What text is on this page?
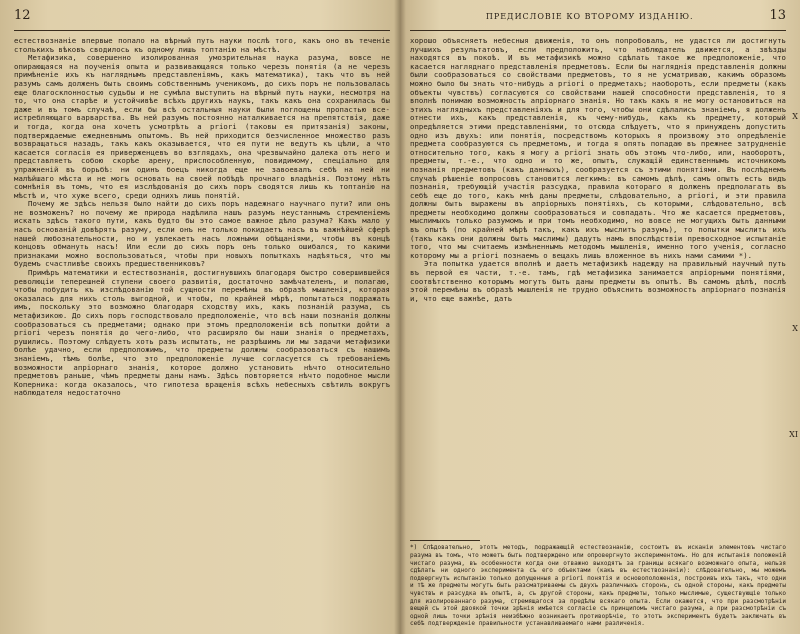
12

естествознаніе впервые попало на вѣрный путь науки послѣ того, какъ оно въ теченіе столькихъ вѣковъ сводилось къ одному лишь топтанію на мѣстѣ.

Метафизика, совершенно изолированная умозрительная наука разума, вовсе не опирающаяся на поученія опыта и развивающаяся только черезъ понятія (а не черезъ примѣненіе ихъ къ нагляднымъ представленіямъ, какъ математика), такъ что въ ней разумъ самъ долженъ быть своимъ собственнымъ ученикомъ, до сихъ поръ не пользовалась еще благосклонностью судьбы и не сумѣла выступить на вѣрный путь науки, несмотря на то, что она старѣе и устойчивѣе всѣхъ другихъ наукъ, такъ какъ она сохранилась бы даже и въ томъ случаѣ, если бы всѣ остальныя науки были поглощены пропастью все-истребляющаго варварства. Въ ней разумъ постоянно наталкивается на препятствія, даже и тогда, когда она хочетъ усмотрѣть a priori (таковы ея притязанія) законы, подтверждаемые ежедневнымъ опытомъ. Въ ней приходится безчисленное множество разъ возвращаться назадъ, такъ какъ оказывается, что ея пути не ведутъ къ цѣли, а что касается согласія ея приверженцевъ во взглядахъ, она чрезвычайно далека отъ него и представляетъ собою скорѣе арену, приспособленную, повидимому, спеціально для упражненій въ борьбѣ: ни одинъ боецъ никогда еще не завоевалъ себѣ на ней ни малѣйшаго мѣста и не могъ основать на своей побѣдѣ прочнаго владѣнія. Поэтому нѣтъ сомнѣнія въ томъ, что ея изслѣдованія до сихъ поръ сводятся лишь къ топтанію на мѣстѣ и, что хуже всего, среди однихъ лишь понятій.

Почему же здѣсь нельзя было найти до сихъ поръ надежнаго научнаго пути? или онъ не возможенъ? но почему же природа надѣлила нашъ разумъ неустаннымъ стремленіемъ искать здѣсь такого пути, какъ будто бы это самое важное дѣло разума? Какъ мало у насъ основаній довѣрять разуму, если онъ не только покидаетъ насъ въ важнѣйшей сферѣ нашей любознательности, но и увлекаетъ насъ ложными обѣщаніями, чтобы въ концѣ концовъ обмануть насъ! Или если до сихъ поръ онъ только ошибался, то какими признаками можно воспользоваться, чтобы при новыхъ попыткахъ надѣяться, что мы будемъ счастливѣе своихъ предшественниковъ?

Примѣръ математики и естествознанія, достигнувшихъ благодаря быстро совершившейся революціи теперешней ступени своего развитія, достаточно замѣчателенъ, и полагаю, чтобы побудить къ изслѣдованію той сущности перемѣны въ образѣ мышленія, которая оказалась для нихъ столь выгодной, и чтобы, по крайней мѣрѣ, попытаться подражать имъ, поскольку это возможно благодаря сходству ихъ, какъ познаній разума, съ метафизикою. До сихъ поръ господствовало предположеніе, что всѣ наши познанія должны сообразоваться съ предметами; однако при этомъ предположеніи всѣ попытки дойти a priori черезъ понятія до чего-либо, что расширяло бы наши знанія о предметахъ, рушились. Поэтому слѣдуетъ хоть разъ испытать, не разрѣшимъ ли мы задачи метафизики болѣе удачно, если предположимъ, что предметы должны сообразоваться съ нашимъ знаніемъ, тѣмъ болѣе, что это предположеніе лучше согласуется съ требованіемъ возможности апріорнаго знанія, которое должно установить нѣчтo относительно предметовъ раньше, чѣмъ предметы даны намъ. Здѣсь повторяется нѣчто подобное мысли Коперника: когда оказалось, что гипотеза вращенія всѣхъ небесныхъ свѣтилъ вокругъ наблюдателя недостаточно

ПРЕДИСЛОВІЕ КО ВТОРОМУ ИЗДАНІЮ.	13

хорошо объясняетъ небесныя движенія, то онъ попробовалъ, не удастся ли достигнуть лучшихъ результатовъ, если предположить, что наблюдатель движется, а звѣзды находятся въ покоѣ. И въ метафизикѣ можно сдѣлать такое же предположеніе, что касается нагляднаго представленія предметовъ. Если бы нагляднія представленія должны были сообразоваться со свойствами предметовъ, то я не усматриваю, какимъ образомъ можно было бы знать что-нибудь a priori о предметахъ; наоборотъ, если предметы (какъ объекты чувствъ) согласуются со свойствами нашей способности представленія, то я вполнѣ понимаю возможность апріорнаго знанія. Но такъ какъ я не могу остановиться на этихъ наглядныхъ представленіяхъ и для того, чтобы они сдѣлались знаніемъ, я долженъ отнести ихъ, какъ представленія, къ чему-нибудь, какъ къ предмету, который опредѣляется этими представленіями, то отсюда слѣдуетъ, что я принужденъ допустить одно изъ двухъ: или понятія, посредствомъ которыхъ я произвожу это опредѣленіе предмета сообразуются съ предметомъ, и тогда я опять попадаю въ прежнее затрудненіе относительно того, какъ я могу a priori знать объ этомъ что-либо, или, наоборотъ, предметы, т.-е., что одно и то же, опытъ, служащій единственнымъ источникомъ познанія предметовъ (какъ данныхъ), сообразуется съ этими понятіями. Въ послѣднемъ случаѣ рѣшеніе вопросовъ становится легкимъ: въ самомъ дѣлѣ, самъ опытъ есть видъ познанія, требующій участія разсудка, правила котораго я долженъ предполагать въ себѣ еще до того, какъ мнѣ даны предметы, слѣдовательно, a priori, и эти правила должны быть выражены въ апріорныхъ понятіяхъ, съ которыми, слѣдовательно, всѣ предметы необходимо должны сообразоваться и совпадать. Что же касается предметовъ, мыслимыхъ только разумомъ и при томъ необходимо, но вовсе не могущихъ быть данными въ опытѣ (по крайней мѣрѣ такъ, какъ ихъ мыслитъ разумъ), то попытки мыслить ихъ (такъ какъ они должны быть мыслимы) дадутъ намъ впослѣдствіи превосходное испытаніе того, что мы считаемъ измѣненнымъ методомъ мышленія, именно того ученія, согласно которому мы a priori познаемъ о вещахъ лишь вложенное въ нихъ нами самими *).

Эта попытка удается вполнѣ и даетъ метафизикѣ надежду на правильный научный путь въ первой ея части, т.-е. тамъ, гдѣ метафизика занимается апріорными понятіями, соотвѣтственно которымъ могутъ быть даны предметы въ опытѣ. Въ самомъ дѣлѣ, послѣ этой перемѣны въ образѣ мышленія не трудно объяснить возможность апріорнаго познанія и, что еще важнѣе, дать

X
X
XI
*) Слѣдовательно, этотъ методъ, подражающій естествознанію, состоитъ въ исканіи элементовъ чистаго разума въ томъ, что можетъ быть подтверждено или опровергнуто экспериментомъ. Но для испытанія положеній чистаго разума, въ особенности когда они отважно выходятъ за границы всякаго возможнаго опыта, нельзя сдѣлать ни одного эксперимента съ его объектами (какъ въ естествознаніи): слѣдовательно, мы можемъ подвергнуть испытанію только допущенныя a priori понятія и основоположенія, построивъ ихъ такъ, что одни и тѣ же предметы могутъ быть разсматриваемы съ двухъ различныхъ сторонъ, съ одной стороны, какъ предметы чувствъ и разсудка въ опытѣ, а, съ другой стороны, какъ предметы, только мыслимые, существующіе только для изолированнаго разума, стремящагося за предѣлы всякаго опыта. Если окажется, что при разсмотрѣніи вещей съ этой двоякой точки зрѣнія имѣется согласіе съ принципомъ чистаго разума, а при разсмотрѣніи съ одной лишь точки зрѣнія неизбѣжно возникаетъ противорѣчіе, то этотъ экспериментъ будетъ заключать въ себѣ подтвержденіе правильности устанавливаемаго нами различенія.
